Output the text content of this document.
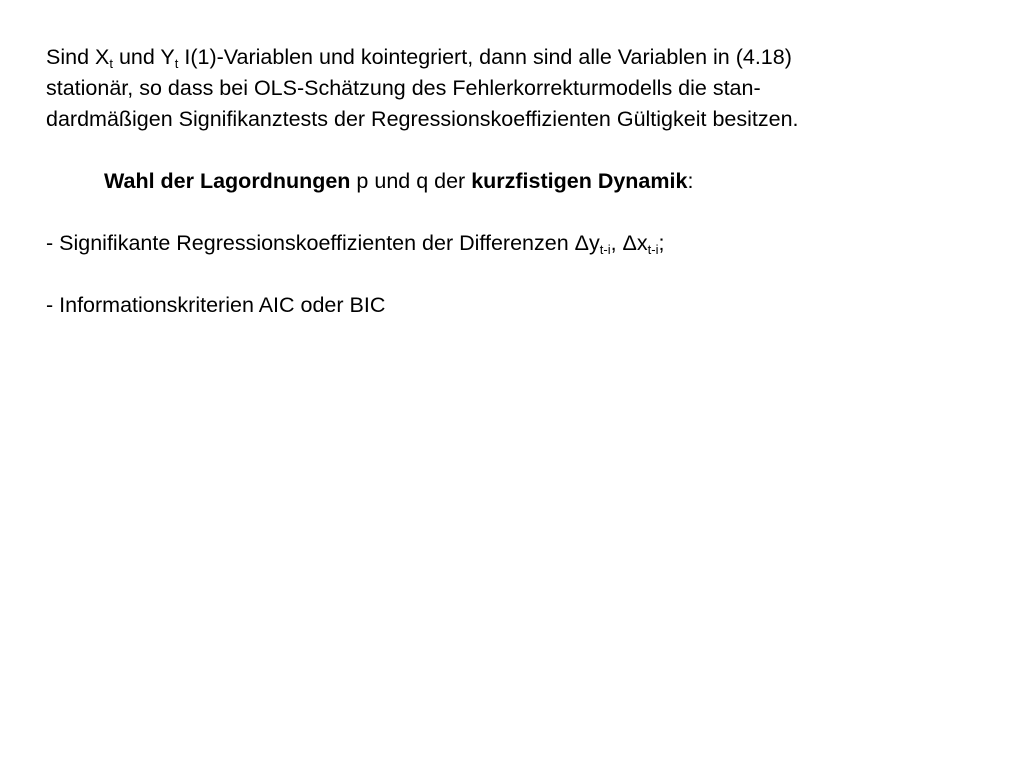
Sind $X_t$ und $Y_t$ I(1)-Variablen und kointegriert, dann sind alle Variablen in (4.18)
stationär, so dass bei OLS-Schätzung des Fehlerkorrekturmodells die stan-
dardmäßigen Signifikanztests der Regressionskoeffizienten Gültigkeit besitzen.
Wahl der Lagordnungen p und q der kurzfistigen Dynamik:
- Signifikante Regressionskoeffizienten der Differenzen $\Delta y_{t-i}$, $\Delta x_{t-i}$;
- Informationskriterien AIC oder BIC
